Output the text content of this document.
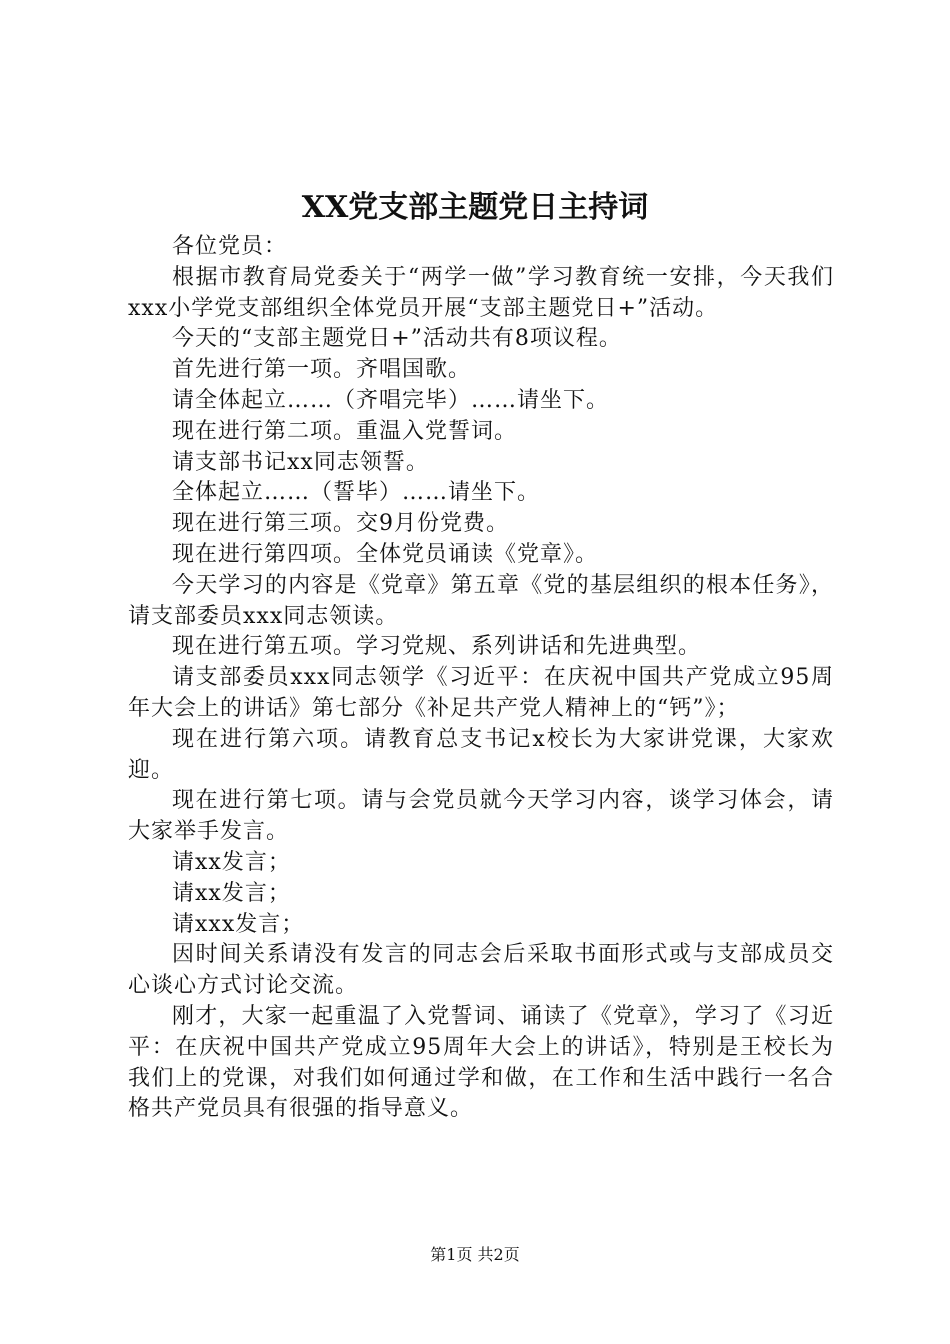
XX党支部主题党日主持词

各位党员：

根据市教育局党委关于“两学一做”学习教育统一安排，今天我们xxx小学党支部组织全体党员开展“支部主题党日+”活动。

今天的“支部主题党日+”活动共有8项议程。

首先进行第一项。齐唱国歌。

请全体起立……（齐唱完毕）……请坐下。

现在进行第二项。重温入党誓词。

请支部书记xx同志领誓。

全体起立……（誓毕）……请坐下。

现在进行第三项。交9月份党费。

现在进行第四项。全体党员诵读《党章》。

今天学习的内容是《党章》第五章《党的基层组织的根本任务》，请支部委员xxx同志领读。

现在进行第五项。学习党规、系列讲话和先进典型。

请支部委员xxx同志领学《习近平：在庆祝中国共产党成立95周年大会上的讲话》第七部分《补足共产党人精神上的“钙”》；

现在进行第六项。请教育总支书记x校长为大家讲党课，大家欢迎。

现在进行第七项。请与会党员就今天学习内容，谈学习体会，请大家举手发言。

请xx发言；

请xx发言；

请xxx发言；

因时间关系请没有发言的同志会后采取书面形式或与支部成员交心谈心方式讨论交流。

刚才，大家一起重温了入党誓词、诵读了《党章》，学习了《习近平：在庆祝中国共产党成立95周年大会上的讲话》，特别是王校长为我们上的党课，对我们如何通过学和做，在工作和生活中践行一名合格共产党员具有很强的指导意义。

第1页 共2页
